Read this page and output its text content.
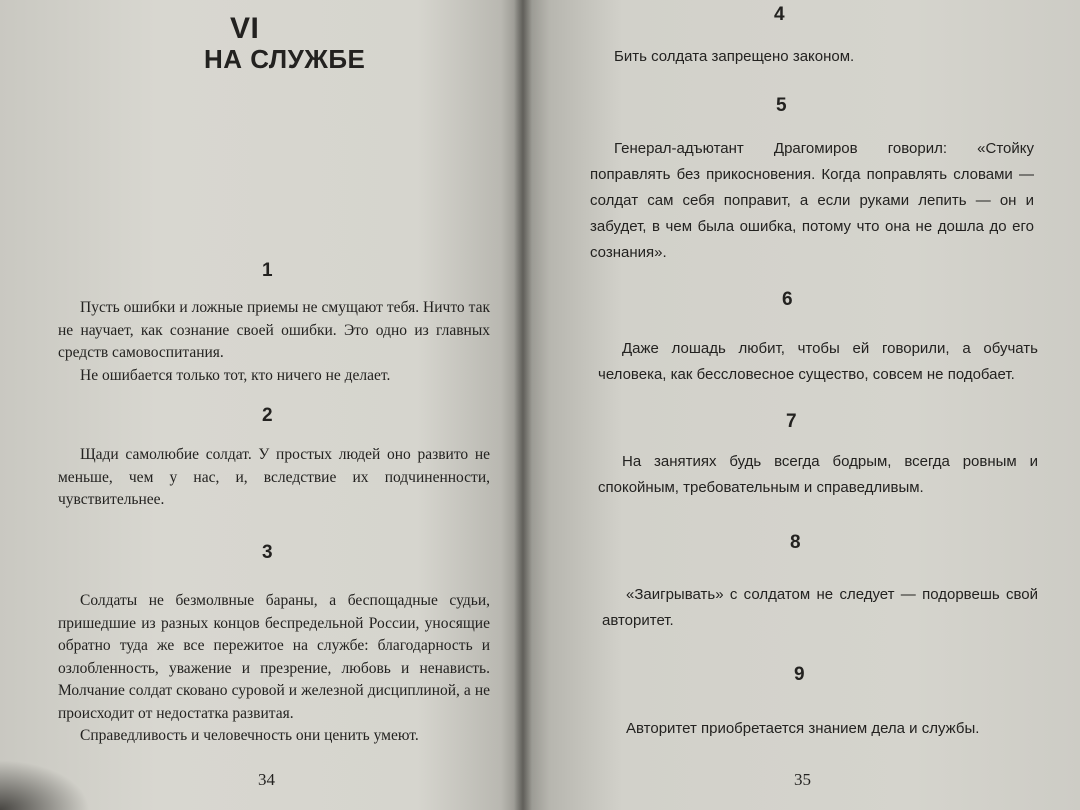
VI
НА СЛУЖБЕ
1

Пусть ошибки и ложные приемы не смущают тебя. Ничто так не научает, как сознание своей ошибки. Это одно из главных средств самовоспитания.

Не ошибается только тот, кто ничего не делает.

2

Щади самолюбие солдат. У простых людей оно развито не меньше, чем у нас, и, вследствие их подчиненности, чувствительнее.

3

Солдаты не безмолвные бараны, а беспощадные судьи, пришедшие из разных концов беспредельной России, уносящие обратно туда же все пережитое на службе: благодарность и озлобленность, уважение и презрение, любовь и ненависть. Молчание солдат сковано суровой и железной дисциплиной, а не происходит от недостатка развитая.

Справедливость и человечность они ценить умеют.

34
4

Бить солдата запрещено законом.

5

Генерал-адъютант Драгомиров говорил: «Стойку поправлять без прикосновения. Когда поправлять словами — солдат сам себя поправит, а если руками лепить — он и забудет, в чем была ошибка, потому что она не дошла до его сознания».

6

Даже лошадь любит, чтобы ей говорили, а обучать человека, как бессловесное существо, совсем не подобает.

7

На занятиях будь всегда бодрым, всегда ровным и спокойным, требовательным и справедливым.

8

«Заигрывать» с солдатом не следует — подорвешь свой авторитет.

9

Авторитет приобретается знанием дела и службы.

35
